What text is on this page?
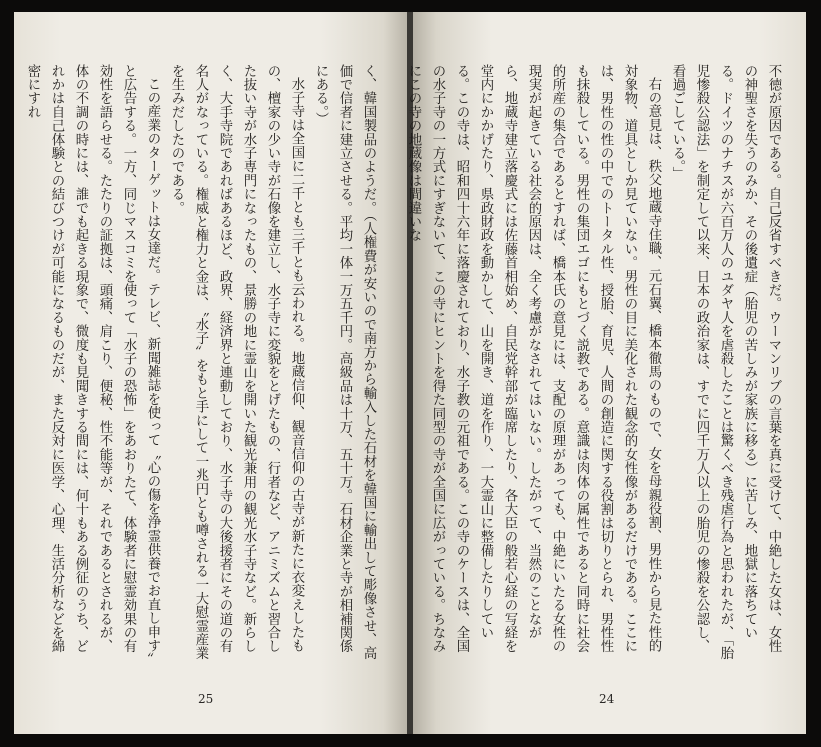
く、韓国製品のようだ。（人権費が安いので南方から輸入した石材を韓国に輸出して彫像させ、高価で信者に建立させる。平均一体一万五千円。高級品は十万、五十万。石材企業と寺が相補関係にある。）

水子寺は全国に二千とも三千とも云われる。地蔵信仰、観音信仰の古寺が新たに衣変えしたもの、檀家の少い寺が石像を建立し、水子寺に変貌をとげたもの、行者など、アニミズムと習合した抜い寺が水子専門になったもの、景勝の地に霊山を開いた観光兼用の観光水子寺など。新らしく、大手寺院であればあるほど、政界、経済界と連動しており、水子寺の大後援者にその道の有名人がなっている。権威と権力と金は、〝水子〟をもと手にして一兆円とも噂される一大慰霊産業を生みだしたのである。

この産業のターゲットは女達だ。テレビ、新聞雑誌を使って〝心の傷を浄霊供養でお直し申す〟と広告する。一方、同じマスコミを使って「水子の恐怖」をあおりたて、体験者に慰霊効果の有効性を語らせる。たたりの証拠は、頭痛、肩こり、便秘、性不能等が、それであるとされるが、体の不調の時には、誰でも起きる現象で、微度も見聞きする間には、何十もある例征のうち、どれかは自己体験との結びつけが可能になるものだが、また反対に医学、心理、生活分析などを綿密にすれ

25

不徳が原因である。自己反省すべきだ。ウーマンリブの言葉を真に受けて、中絶した女は、女性の神聖さを失うのみか、その後遺症（胎児の苦しみが家族に移る）に苦しみ、地獄に落ちている。ドイツのナチスが六百万人のユダヤ人を虐殺したことは驚くべき残虐行為と思われたが、「胎児惨殺公認法」を制定して以来、日本の政治家は、すでに四千万人以上の胎児の惨殺を公認し、看過ごしている。」

右の意見は、秩父地蔵寺住職、元石翼、橋本徹馬のもので、女を母親役割、男性から見た性的対象物、道具としか見ていない。男性の目に美化された観念的女性像があるだけである。ここには、男性の性の中でのトータル性、授胎、育児、人間の創造に関する役割は切りとられ、男性性も抹殺している。男性の集団エゴにもとづく説教である。意識は肉体の属性であると同時に社会的所産の集合であるとすれば、橋本氏の意見には、支配の原理があっても、中絶にいたる女性の現実が起きている社会的原因は、全く考慮がなされてはいない。したがって、当然のことながら、地蔵寺建立落慶式には佐藤首相始め、自民党幹部が臨席したり、各大臣の般若心経の写経を堂内にかかげたり、県政財政を動かして、山を開き、道を作り、一大霊山に整備したりしている。この寺は、昭和四十六年に落慶されており、水子教の元祖である。この寺のケースは、全国の水子寺の一方式にすぎないて、この寺にヒントを得た同型の寺が全国に広がっている。ちなみにこの寺の地蔵像は間違いな

24
